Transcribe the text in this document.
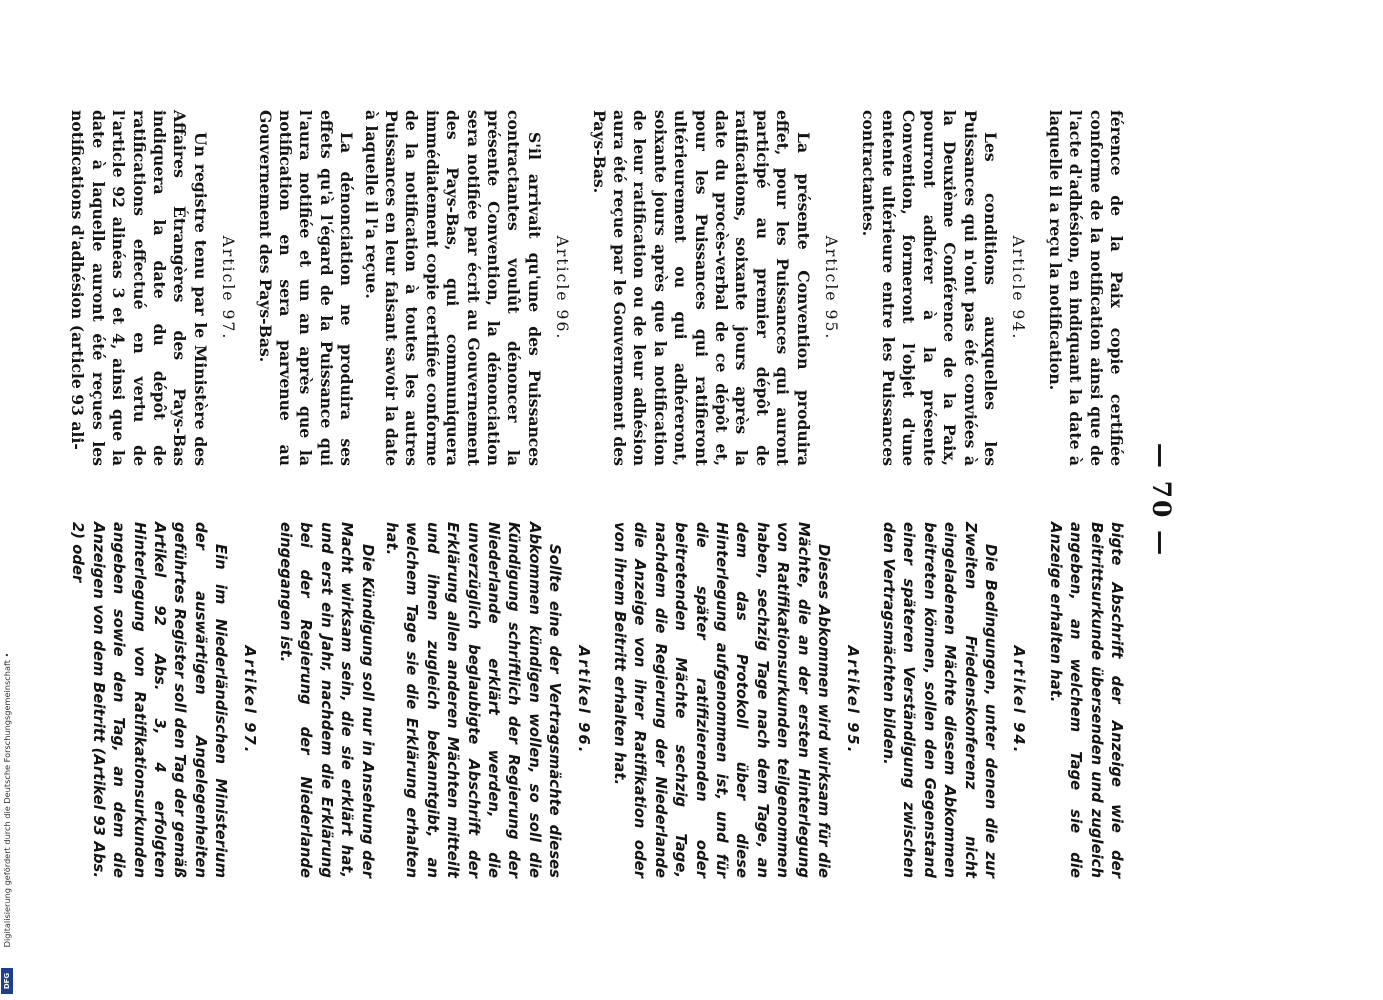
— 70 —

férence de la Paix copie certifiée conforme de la notification ainsi que de l'acte d'adhésion, en indiquant la date à laquelle il a reçu la notification.

Article 94.

Les conditions auxquelles les Puissances qui n'ont pas été conviées à la Deuxième Conférence de la Paix, pourront adhérer à la présente Convention, formeront l'objet d'une entente ultérieure entre les Puissances contractantes.

Article 95.

La présente Convention produira effet, pour les Puissances qui auront participé au premier dépôt de ratifications, soixante jours après la date du procès-verbal de ce dépôt et, pour les Puissances qui ratifieront ultérieurement ou qui adhéreront, soixante jours après que la notification de leur ratification ou de leur adhésion aura été reçue par le Gouvernement des Pays-Bas.

Article 96.

S'il arrivait qu'une des Puissances contractantes voulût dénoncer la présente Convention, la dénonciation sera notifiée par écrit au Gouvernement des Pays-Bas, qui communiquera immédiatement copie certifiée conforme de la notification à toutes les autres Puissances en leur faisant savoir la date à laquelle il l'a reçue.

La dénonciation ne produira ses effets qu'à l'égard de la Puissance qui l'aura notifiée et un an après que la notification en sera parvenue au Gouvernement des Pays-Bas.

Article 97.

Un registre tenu par le Ministère des Affaires Étrangères des Pays-Bas indiquera la date du dépôt de ratifications effectué en vertu de l'article 92 alinéas 3 et 4, ainsi que la date à laquelle auront été reçues les notifications d'adhésion (article 93 ali-

bigte Abschrift der Anzeige wie der Beitrittsurkunde übersenden und zugleich angeben, an welchem Tage sie die Anzeige erhalten hat.

Artikel 94.

Die Bedingungen, unter denen die zur Zweiten Friedenskonferenz nicht eingeladenen Mächte diesem Abkommen beitreten können, sollen den Gegenstand einer späteren Verständigung zwischen den Vertragsmächten bilden.

Artikel 95.

Dieses Abkommen wird wirksam für die Mächte, die an der ersten Hinterlegung von Ratifikationsurkunden teilgenommen haben, sechzig Tage nach dem Tage, an dem das Protokoll über diese Hinterlegung aufgenommen ist, und für die später ratifizierenden oder beitretenden Mächte sechzig Tage, nachdem die Regierung der Niederlande die Anzeige von ihrer Ratifikation oder von ihrem Beitritt erhalten hat.

Artikel 96.

Sollte eine der Vertragsmächte dieses Abkommen kündigen wollen, so soll die Kündigung schriftlich der Regierung der Niederlande erklärt werden, die unverzüglich beglaubigte Abschrift der Erklärung allen anderen Mächten mitteilt und ihnen zugleich bekanntgibt, an welchem Tage sie die Erklärung erhalten hat.

Die Kündigung soll nur in Ansehung der Macht wirksam sein, die sie erklärt hat, und erst ein Jahr, nachdem die Erklärung bei der Regierung der Niederlande eingegangen ist.

Artikel 97.

Ein im Niederländischen Ministerium der auswärtigen Angelegenheiten geführtes Register soll den Tag der gemäß Artikel 92 Abs. 3, 4 erfolgten Hinterlegung von Ratifikationsurkunden angeben sowie den Tag, an dem die Anzeigen von dem Beitritt (Artikel 93 Abs. 2) oder

Digitalisierung gefördert durch die Deutsche Forschungsgemeinschaft •
DFG
